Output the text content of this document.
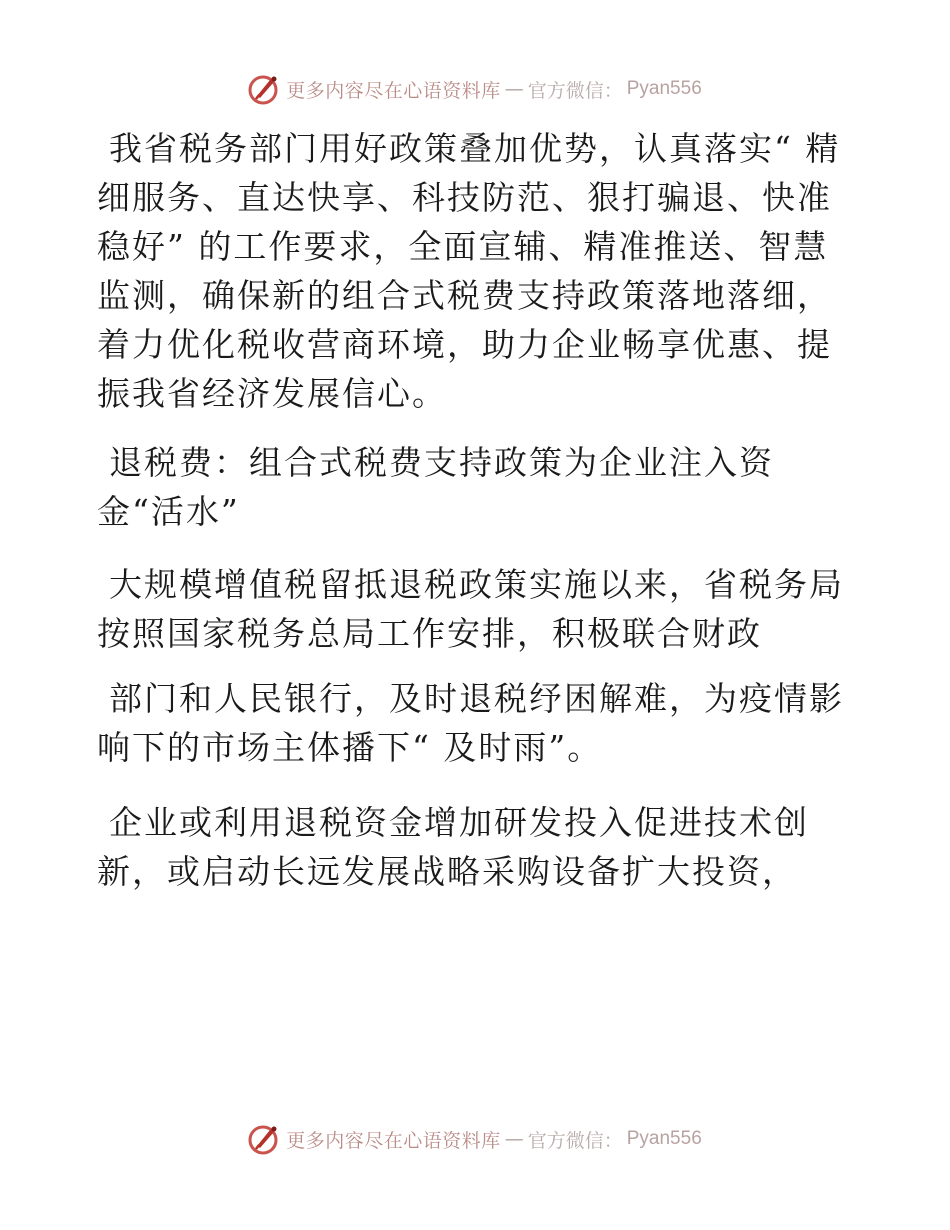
更多内容尽在心语资料库 — 官方微信： Pyan556

我省税务部门用好政策叠加优势，认真落实“ 精细服务、直达快享、科技防范、狠打骗退、快准稳好” 的工作要求，全面宣辅、精准推送、智慧监测，确保新的组合式税费支持政策落地落细，着力优化税收营商环境，助力企业畅享优惠、提振我省经济发展信心。

退税费：组合式税费支持政策为企业注入资金“活水”

大规模增值税留抵退税政策实施以来，省税务局按照国家税务总局工作安排，积极联合财政

部门和人民银行，及时退税纾困解难，为疫情影响下的市场主体播下“ 及时雨”。

企业或利用退税资金增加研发投入促进技术创新，或启动长远发展战略采购设备扩大投资，

更多内容尽在心语资料库 — 官方微信： Pyan556
